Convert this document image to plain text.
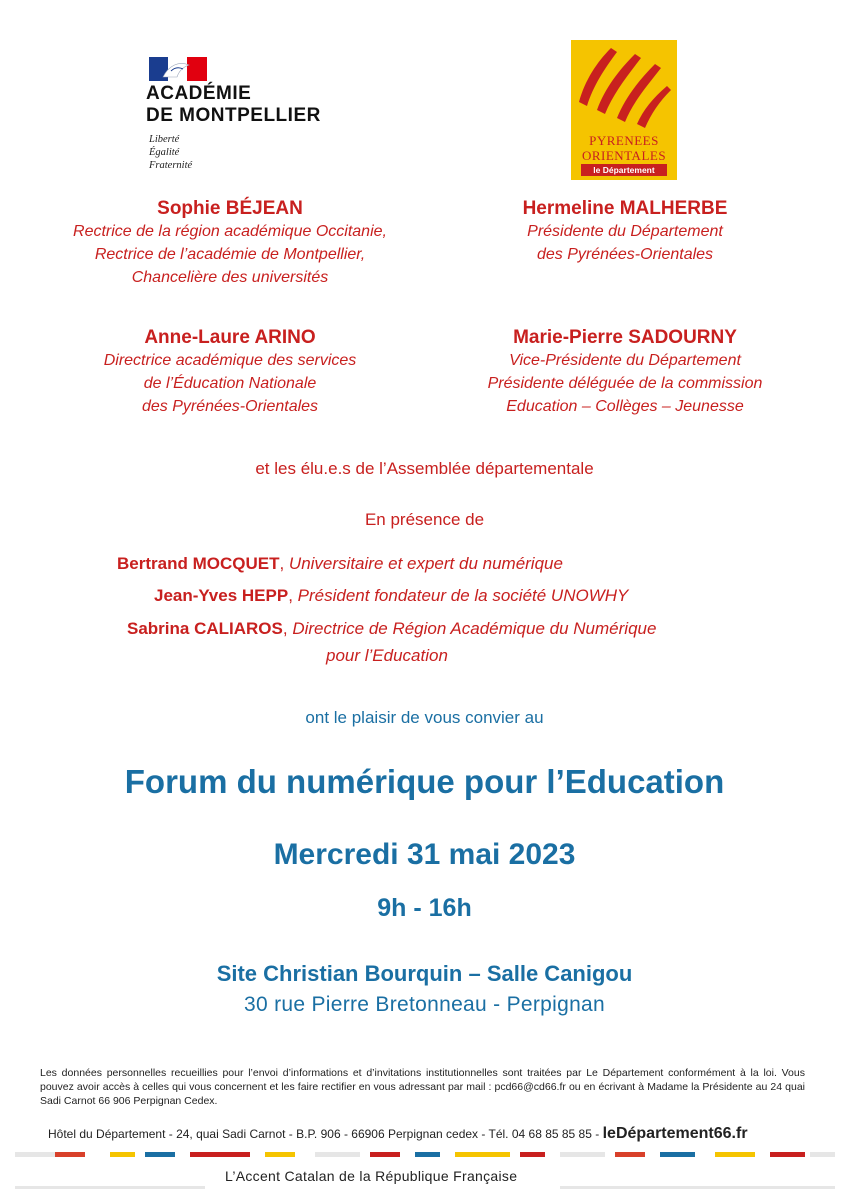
ACADÉMIE
DE MONTPELLIER
Liberté
Égalité
Fraternité
PYRENEES
ORIENTALES
le Département
Sophie BÉJEAN
Rectrice de la région académique Occitanie,
Rectrice de l’académie de Montpellier,
Chancelière des universités
Hermeline MALHERBE
Présidente du Département
des Pyrénées-Orientales
Anne-Laure ARINO
Directrice académique des services
de l’Éducation Nationale
des Pyrénées-Orientales
Marie-Pierre SADOURNY
Vice-Présidente du Département
Présidente déléguée de la commission
Education – Collèges – Jeunesse
et les élu.e.s de l’Assemblée départementale
En présence de
Bertrand MOCQUET, Universitaire et expert du numérique
Jean-Yves HEPP, Président fondateur de la société UNOWHY
Sabrina CALIAROS, Directrice de Région Académique du Numérique
pour l’Education
ont le plaisir de vous convier au
Forum du numérique pour l’Education
Mercredi 31 mai 2023
9h - 16h
Site Christian Bourquin – Salle Canigou
30 rue Pierre Bretonneau - Perpignan
Les données personnelles recueillies pour l’envoi d’informations et d’invitations institutionnelles sont traitées par Le Département conformément à la loi. Vous pouvez avoir accès à celles qui vous concernent et les faire rectifier en vous adressant par mail : pcd66@cd66.fr ou en écrivant à Madame la Présidente au 24 quai Sadi Carnot 66 906 Perpignan Cedex.
Hôtel du Département - 24, quai Sadi Carnot - B.P. 906 - 66906 Perpignan cedex - Tél. 04 68 85 85 85 - leDépartement66.fr
L’Accent Catalan de la République Française
